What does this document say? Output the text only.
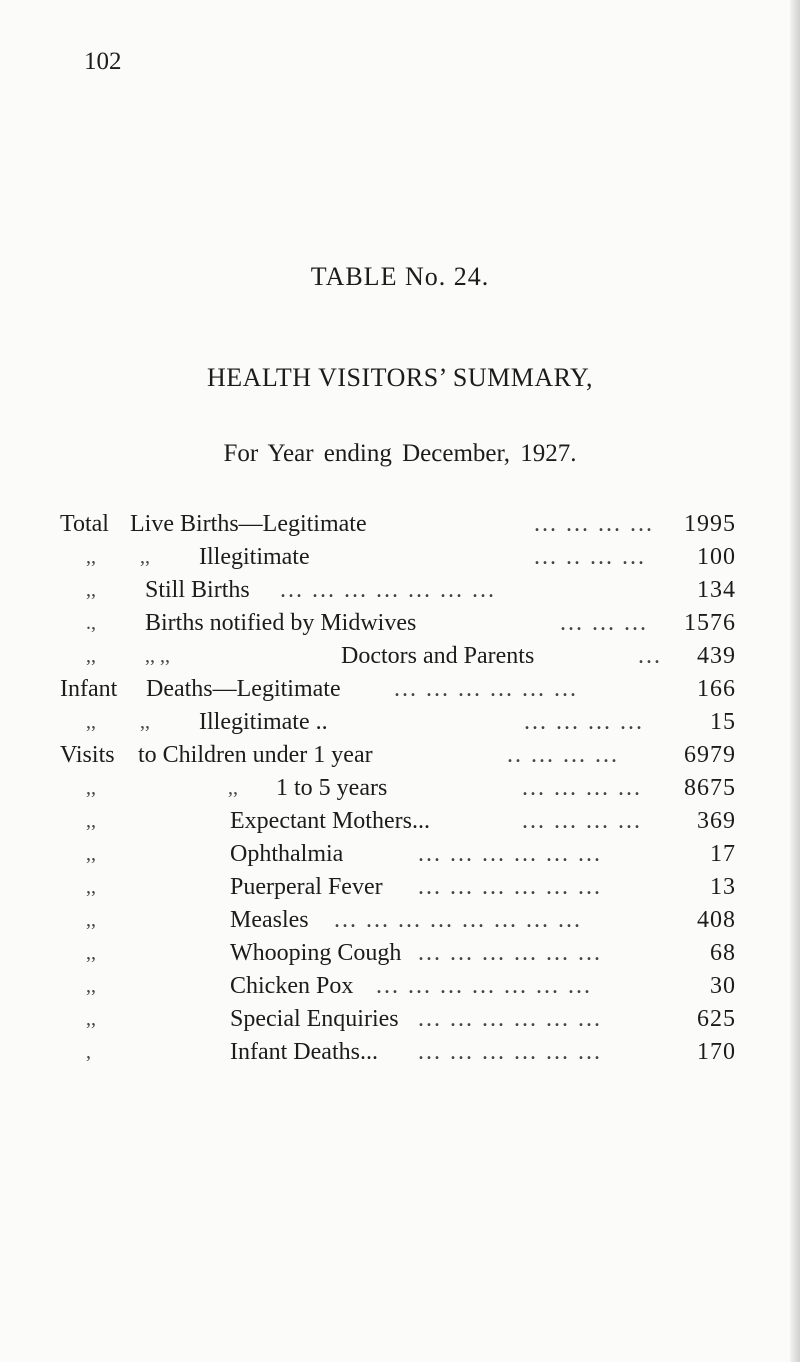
102
TABLE No. 24.
HEALTH VISITORS’ SUMMARY,
For Year ending December, 1927.
Total Live Births—Legitimate	... ... ... ... 1995
,, ,, Illegitimate	... .. ... ... 100
,, Still Births ... ... ... ... ... ... ...	134
., Births notified by Midwives	... ... ... 1576
,, ,, ,,	Doctors and Parents	... 439
Infant Deaths—Legitimate ... ... ... ... ... ...	166
,, ,, Illegitimate ..	... ... ... ...	15
Visits to Children under 1 year	.. ... ... ...	6979
,,	,, 1 to 5 years	... ... ... ... 8675
,,	Expectant Mothers...	... ... ... ... 369
,,	Ophthalmia	... ... ... ... ... ...	17
,,	Puerperal Fever ... ... ... ... ... ...	13
,,	Measles ... ... ... ... ... ... ... ...	408
,,	Whooping Cough ... ... ... ... ... ...	68
,,	Chicken Pox ... ... ... ... ... ... ...	30
,,	Special Enquiries ... ... ... ... ... ...	625
,	Infant Deaths... ... ... ... ... ... ...	170
